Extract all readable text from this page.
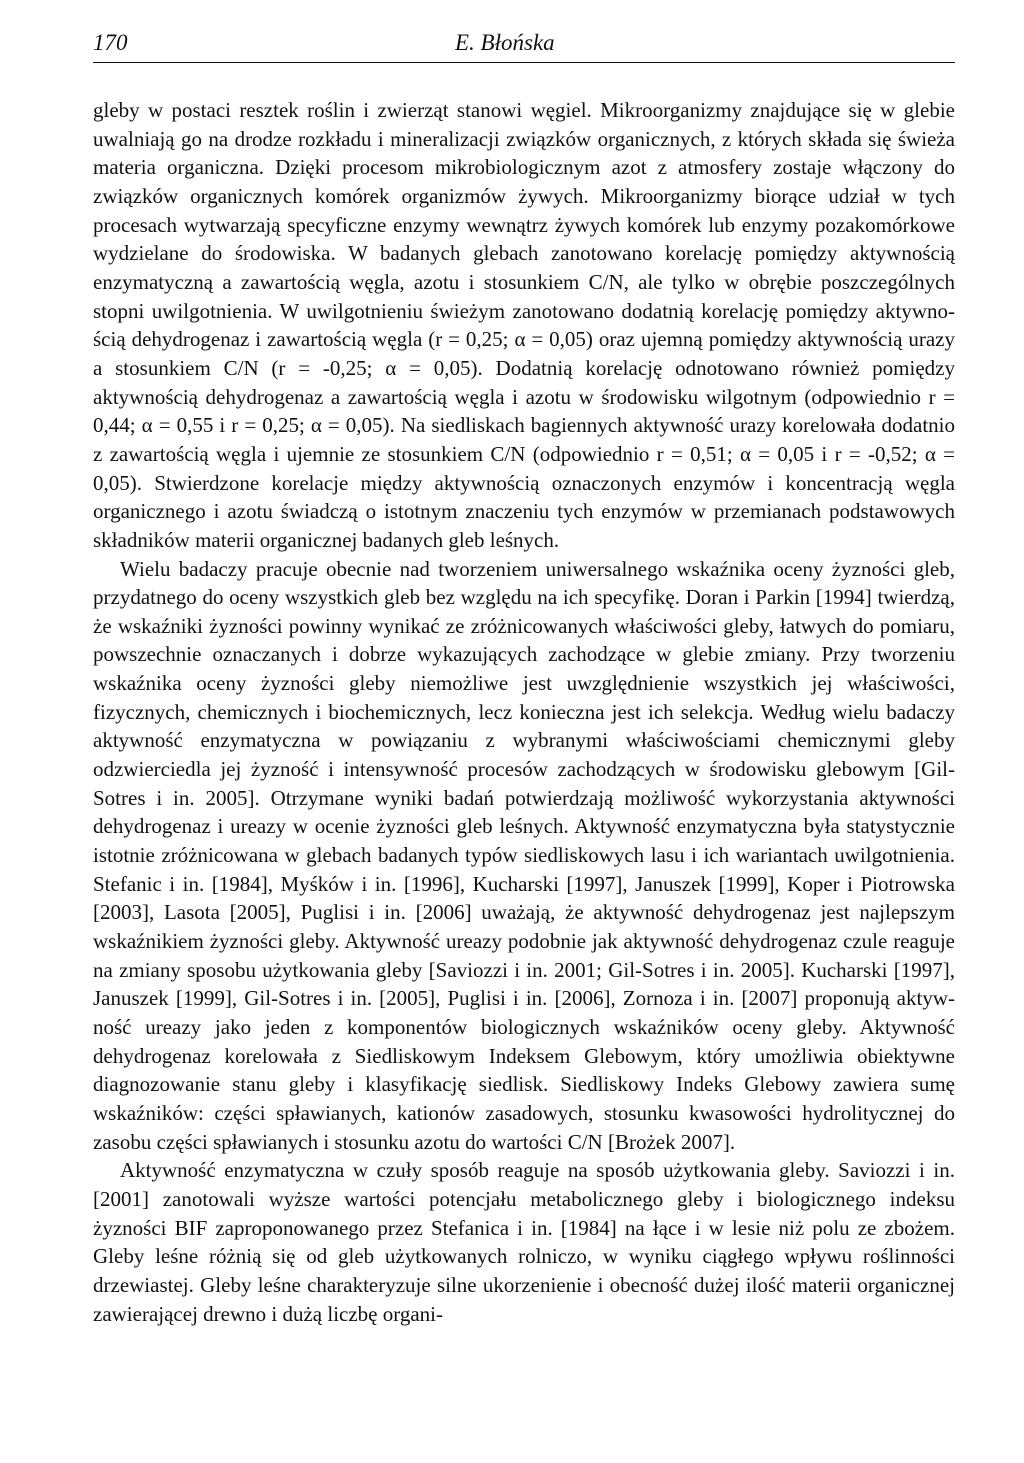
170	E. Błońska

gleby w postaci resztek roślin i zwierząt stanowi węgiel. Mikroorganizmy znajdujące się w glebie uwalniają go na drodze rozkładu i mineralizacji związków organicznych, z których składa się świeża materia organiczna. Dzięki procesom mikrobiologicznym azot z atmosfery zostaje włączony do związków organicznych komórek organizmów żywych. Mikroorganizmy biorące udział w tych procesach wytwarzają specyficzne enzymy wewnątrz żywych komórek lub enzymy pozakomórkowe wydzielane do środowiska. W badanych glebach zanotowano korelację pomiędzy aktywnością enzymatyczną a zawartością węgla, azotu i stosunkiem C/N, ale tylko w obrębie poszczególnych stopni uwilgotnienia. W uwilgotnieniu świeżym zanotowano dodatnią korelację pomiędzy aktywnością dehydrogenaz i zawartością węgla (r = 0,25; α = 0,05) oraz ujemną pomiędzy aktywnością urazy a stosunkiem C/N (r = -0,25; α = 0,05). Dodatnią korelację odnotowano również pomiędzy aktywnością dehydrogenaz a zawartością węgla i azotu w środowisku wilgotnym (odpowiednio r = 0,44; α = 0,55 i r = 0,25; α = 0,05). Na siedliskach bagiennych aktywność urazy korelowała dodatnio z zawartością węgla i ujemnie ze stosunkiem C/N (odpowiednio r = 0,51; α = 0,05 i r = -0,52; α = 0,05). Stwierdzone korelacje między aktywnością oznaczonych enzymów i koncentracją węgla organicznego i azotu świadczą o istotnym znaczeniu tych enzymów w przemianach podstawowych składników materii organicznej badanych gleb leśnych.

Wielu badaczy pracuje obecnie nad tworzeniem uniwersalnego wskaźnika oceny żyzności gleb, przydatnego do oceny wszystkich gleb bez względu na ich specyfikę. Doran i Parkin [1994] twierdzą, że wskaźniki żyzności powinny wynikać ze zróżnicowanych właściwości gleby, łatwych do pomiaru, powszechnie oznaczanych i dobrze wykazujących zachodzące w glebie zmiany. Przy tworzeniu wskaźnika oceny żyzności gleby niemożliwe jest uwzględnienie wszystkich jej właściwości, fizycznych, chemicznych i biochemicznych, lecz konieczna jest ich selekcja. Według wielu badaczy aktywność enzymatyczna w powiązaniu z wybranymi właściwościami chemicznymi gleby odzwierciedla jej żyzność i intensywność procesów zachodzących w środowisku glebowym [Gil-Sotres i in. 2005]. Otrzymane wyniki badań potwierdzają możliwość wykorzystania aktywności dehydrogenaz i ureazy w ocenie żyzności gleb leśnych. Aktywność enzymatyczna była statystycznie istotnie zróżnicowana w glebach badanych typów siedliskowych lasu i ich wariantach uwilgotnienia. Stefanic i in. [1984], Myśków i in. [1996], Kucharski [1997], Januszek [1999], Koper i Piotrowska [2003], Lasota [2005], Puglisi i in. [2006] uważają, że aktywność dehydrogenaz jest najlepszym wskaźnikiem żyzności gleby. Aktywność ureazy podobnie jak aktywność dehydrogenaz czule reaguje na zmiany sposobu użytkowania gleby [Saviozzi i in. 2001; Gil-Sotres i in. 2005]. Kucharski [1997], Januszek [1999], Gil-Sotres i in. [2005], Puglisi i in. [2006], Zornoza i in. [2007] proponują aktywność ureazy jako jeden z komponentów biologicznych wskaźników oceny gleby. Aktywność dehydrogenaz korelowała z Siedliskowym Indeksem Glebowym, który umożliwia obiektywne diagnozowanie stanu gleby i klasyfikację siedlisk. Siedliskowy Indeks Glebowy zawiera sumę wskaźników: części spławianych, kationów zasadowych, stosunku kwasowości hydrolitycznej do zasobu części spławianych i stosunku azotu do wartości C/N [Brożek 2007].

Aktywność enzymatyczna w czuły sposób reaguje na sposób użytkowania gleby. Saviozzi i in. [2001] zanotowali wyższe wartości potencjału metabolicznego gleby i biologicznego indeksu żyzności BIF zaproponowanego przez Stefanica i in. [1984] na łące i w lesie niż polu ze zbożem. Gleby leśne różnią się od gleb użytkowanych rolniczo, w wyniku ciągłego wpływu roślinności drzewiastej. Gleby leśne charakteryzuje silne ukorzenienie i obecność dużej ilość materii organicznej zawierającej drewno i dużą liczbę organi-
